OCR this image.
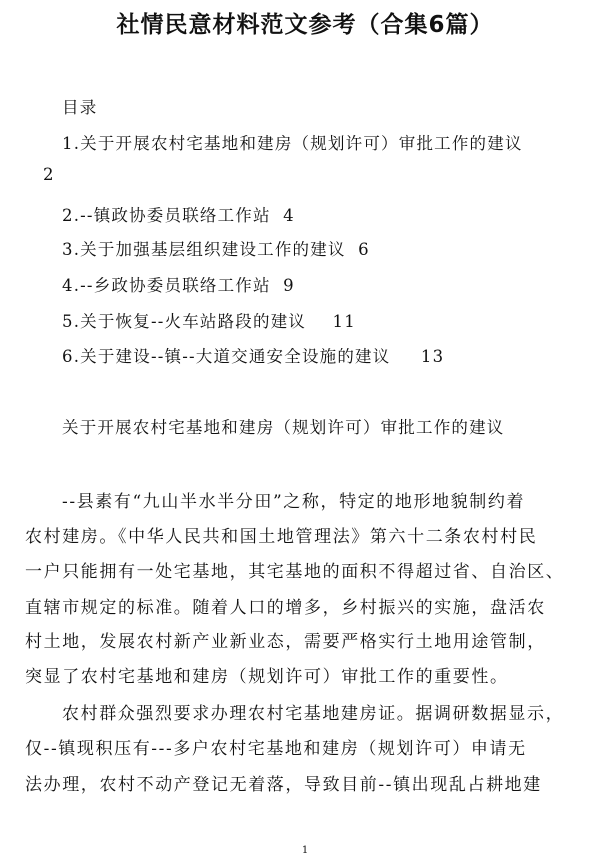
社情民意材料范文参考（合集6篇）
目录
1.关于开展农村宅基地和建房（规划许可）审批工作的建议
2
2.--镇政协委员联络工作站 4
3.关于加强基层组织建设工作的建议 6
4.--乡政协委员联络工作站 9
5.关于恢复--火车站路段的建议 11
6.关于建设--镇--大道交通安全设施的建议 13
关于开展农村宅基地和建房（规划许可）审批工作的建议
--县素有“九山半水半分田”之称，特定的地形地貌制约着
农村建房。《中华人民共和国土地管理法》第六十二条农村村民
一户只能拥有一处宅基地，其宅基地的面积不得超过省、自治区、
直辖市规定的标准。随着人口的增多，乡村振兴的实施，盘活农
村土地，发展农村新产业新业态，需要严格实行土地用途管制，
突显了农村宅基地和建房（规划许可）审批工作的重要性。
农村群众强烈要求办理农村宅基地建房证。据调研数据显示，
仅--镇现积压有---多户农村宅基地和建房（规划许可）申请无
法办理，农村不动产登记无着落，导致目前--镇出现乱占耕地建
1
